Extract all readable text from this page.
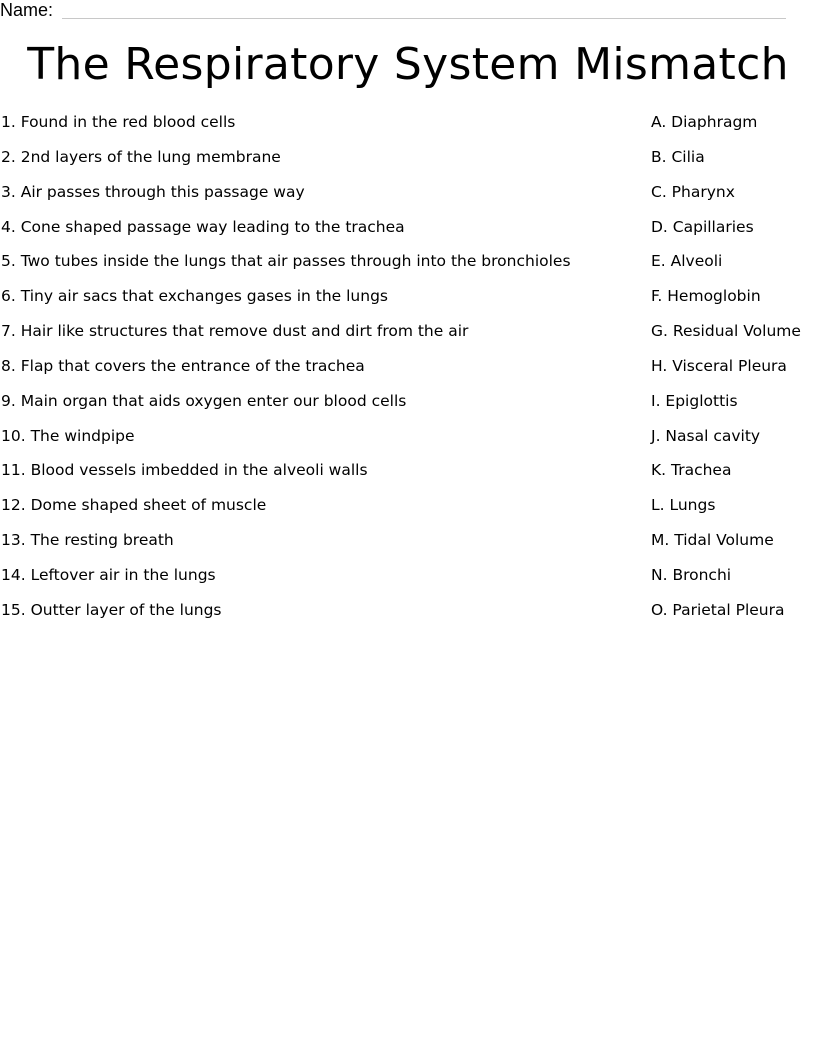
Name:
The Respiratory System Mismatch
1. Found in the red blood cells
2. 2nd layers of the lung membrane
3. Air passes through this passage way
4. Cone shaped passage way leading to the trachea
5. Two tubes inside the lungs that air passes through into the bronchioles
6. Tiny air sacs that exchanges gases in the lungs
7. Hair like structures that remove dust and dirt from the air
8. Flap that covers the entrance of the trachea
9. Main organ that aids oxygen enter our blood cells
10. The windpipe
11. Blood vessels imbedded in the alveoli walls
12. Dome shaped sheet of muscle
13. The resting breath
14. Leftover air in the lungs
15. Outter layer of the lungs
A. Diaphragm
B. Cilia
C. Pharynx
D. Capillaries
E. Alveoli
F. Hemoglobin
G. Residual Volume
H. Visceral Pleura
I. Epiglottis
J. Nasal cavity
K. Trachea
L. Lungs
M. Tidal Volume
N. Bronchi
O. Parietal Pleura
